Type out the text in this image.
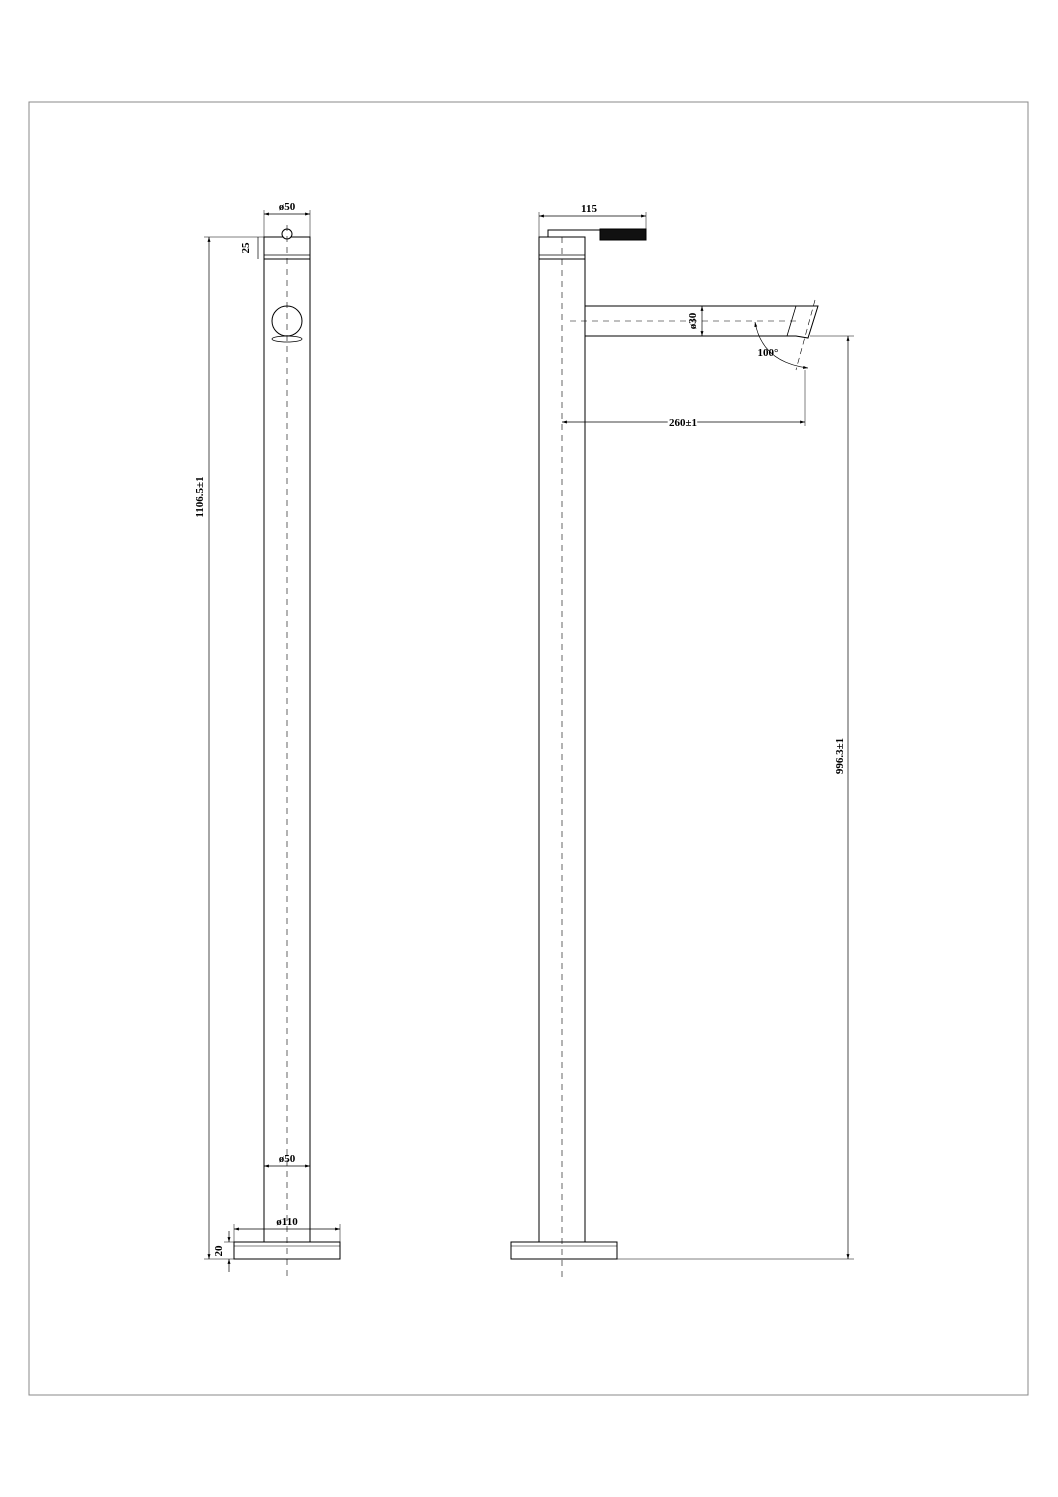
ø50
25
1106.5±1
ø50
ø110
20
115
ø30
100°
260±1
996.3±1
